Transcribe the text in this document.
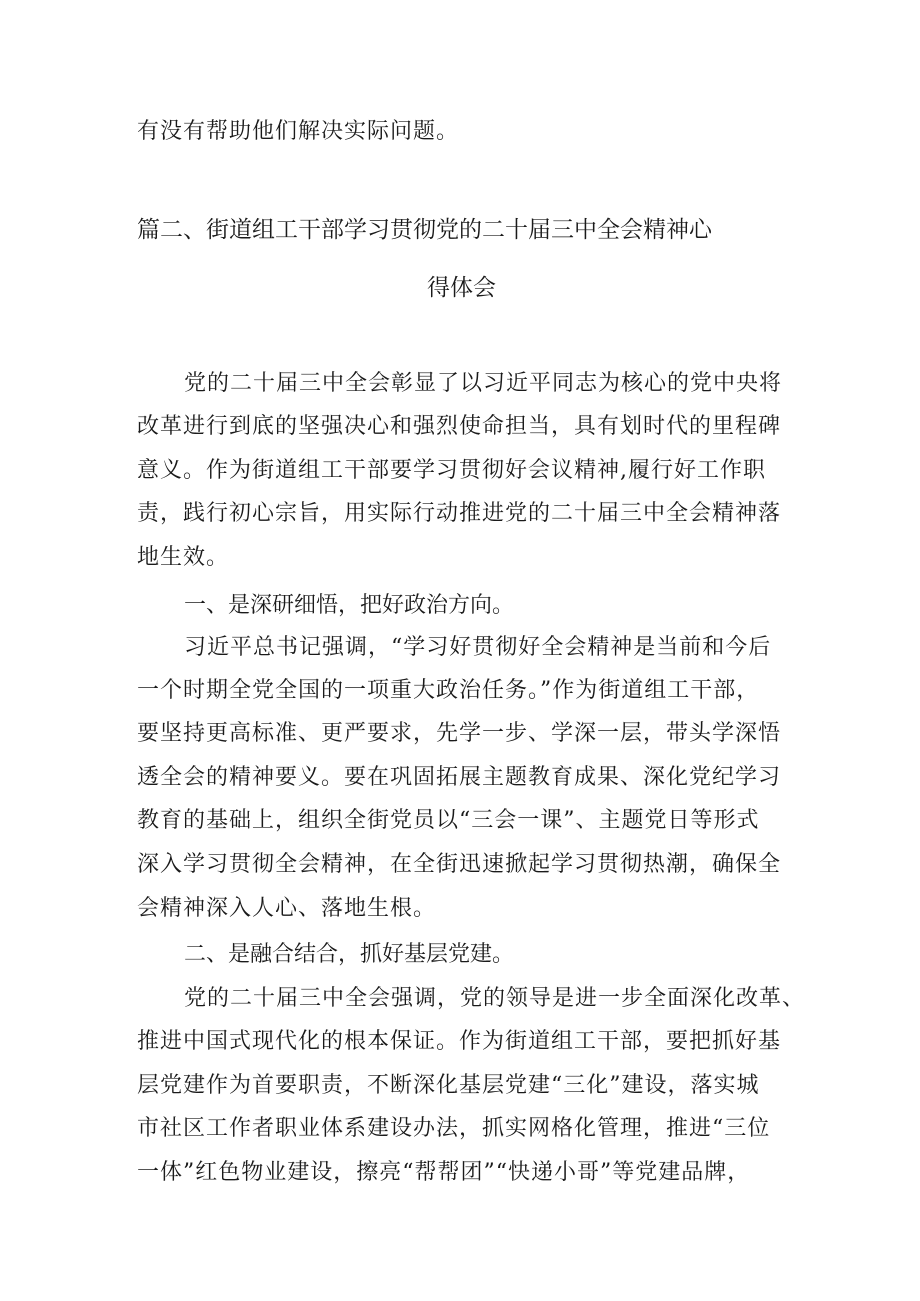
有没有帮助他们解决实际问题。
篇二、街道组工干部学习贯彻党的二十届三中全会精神心
得体会
党的二十届三中全会彰显了以习近平同志为核心的党中央将
改革进行到底的坚强决心和强烈使命担当，具有划时代的里程碑
意义。作为街道组工干部要学习贯彻好会议精神,履行好工作职
责，践行初心宗旨，用实际行动推进党的二十届三中全会精神落
地生效。
一、是深研细悟，把好政治方向。
习近平总书记强调，“学习好贯彻好全会精神是当前和今后
一个时期全党全国的一项重大政治任务。”作为街道组工干部，
要坚持更高标准、更严要求，先学一步、学深一层，带头学深悟
透全会的精神要义。要在巩固拓展主题教育成果、深化党纪学习
教育的基础上，组织全街党员以“三会一课”、主题党日等形式
深入学习贯彻全会精神，在全街迅速掀起学习贯彻热潮，确保全
会精神深入人心、落地生根。
二、是融合结合，抓好基层党建。
党的二十届三中全会强调，党的领导是进一步全面深化改革、
推进中国式现代化的根本保证。作为街道组工干部，要把抓好基
层党建作为首要职责，不断深化基层党建“三化”建设，落实城
市社区工作者职业体系建设办法，抓实网格化管理，推进“三位
一体”红色物业建设，擦亮“帮帮团”“快递小哥”等党建品牌，
